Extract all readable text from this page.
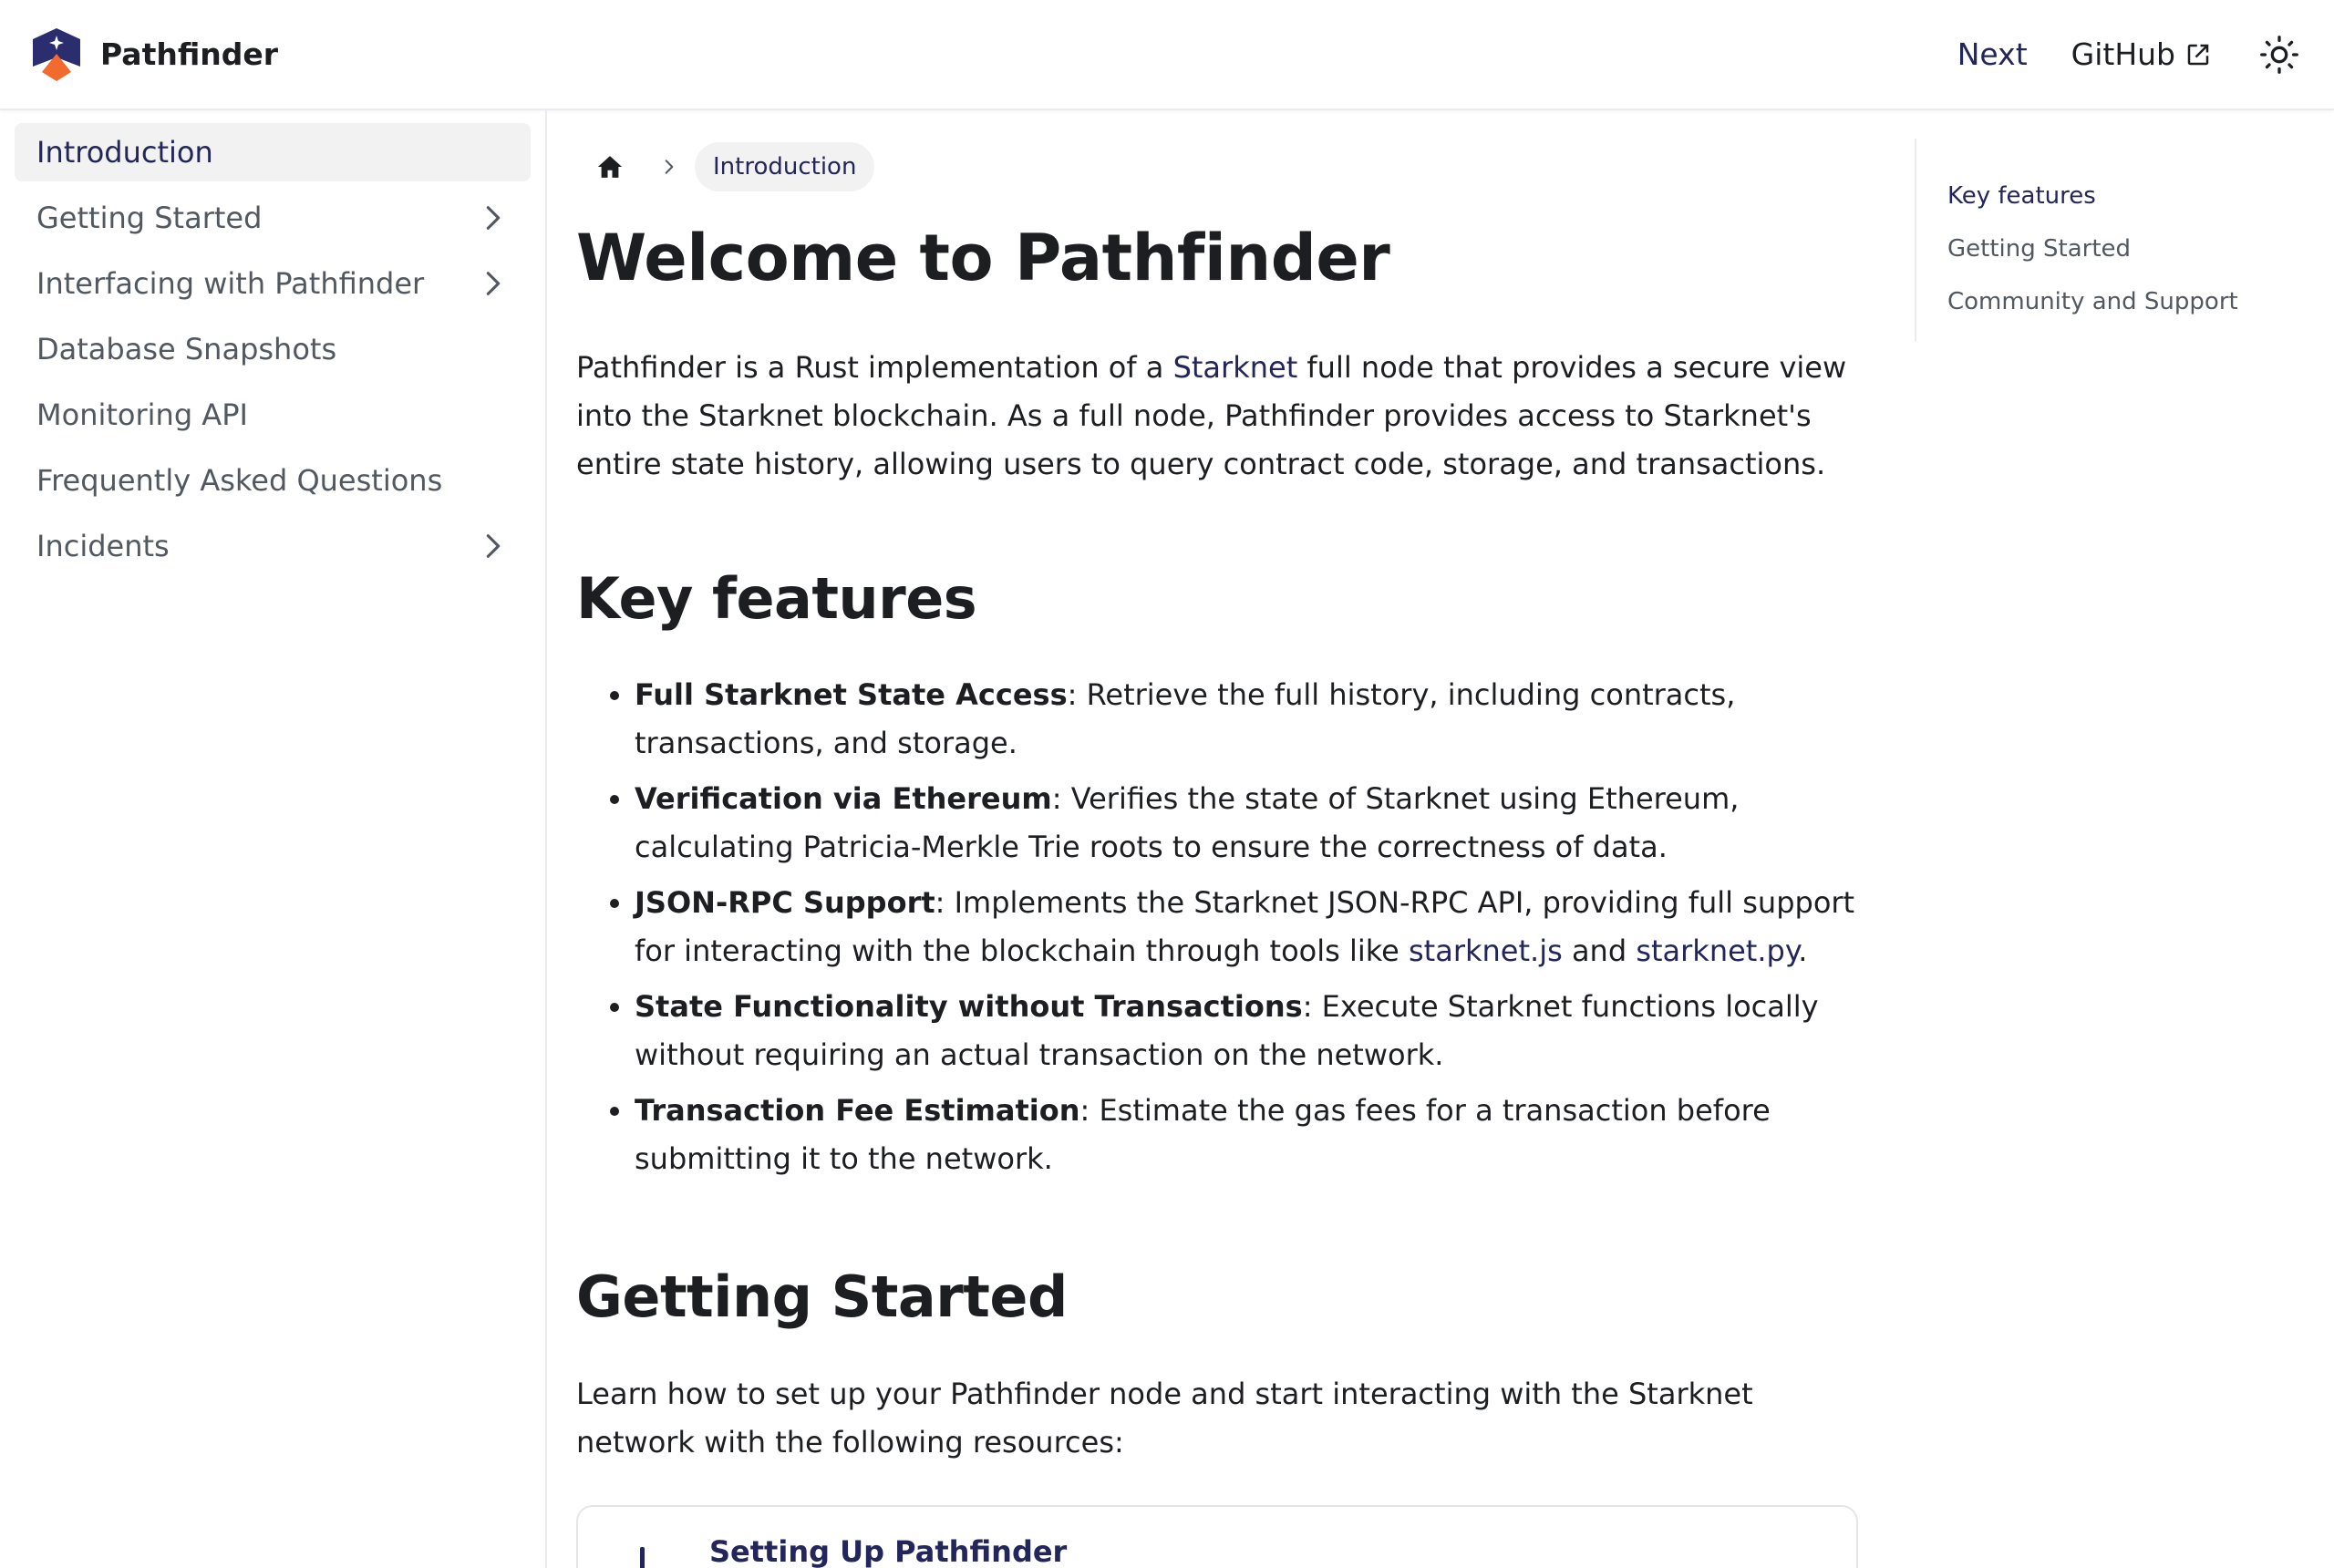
Pathfinder	Next GitHub
Introduction
Getting Started
Interfacing with Pathfinder
Database Snapshots
Monitoring API
Frequently Asked Questions
Incidents
Introduction
Welcome to Pathfinder

Pathfinder is a Rust implementation of a Starknet full node that provides a secure view into the Starknet blockchain. As a full node, Pathfinder provides access to Starknet's entire state history, allowing users to query contract code, storage, and transactions.

Key features
• Full Starknet State Access: Retrieve the full history, including contracts, transactions, and storage.
• Verification via Ethereum: Verifies the state of Starknet using Ethereum, calculating Patricia-Merkle Trie roots to ensure the correctness of data.
• JSON-RPC Support: Implements the Starknet JSON-RPC API, providing full support for interacting with the blockchain through tools like starknet.js and starknet.py.
• State Functionality without Transactions: Execute Starknet functions locally without requiring an actual transaction on the network.
• Transaction Fee Estimation: Estimate the gas fees for a transaction before submitting it to the network.
Getting Started

Learn how to set up your Pathfinder node and start interacting with the Starknet network with the following resources:

Setting Up Pathfinder
Key features
Getting Started
Community and Support
